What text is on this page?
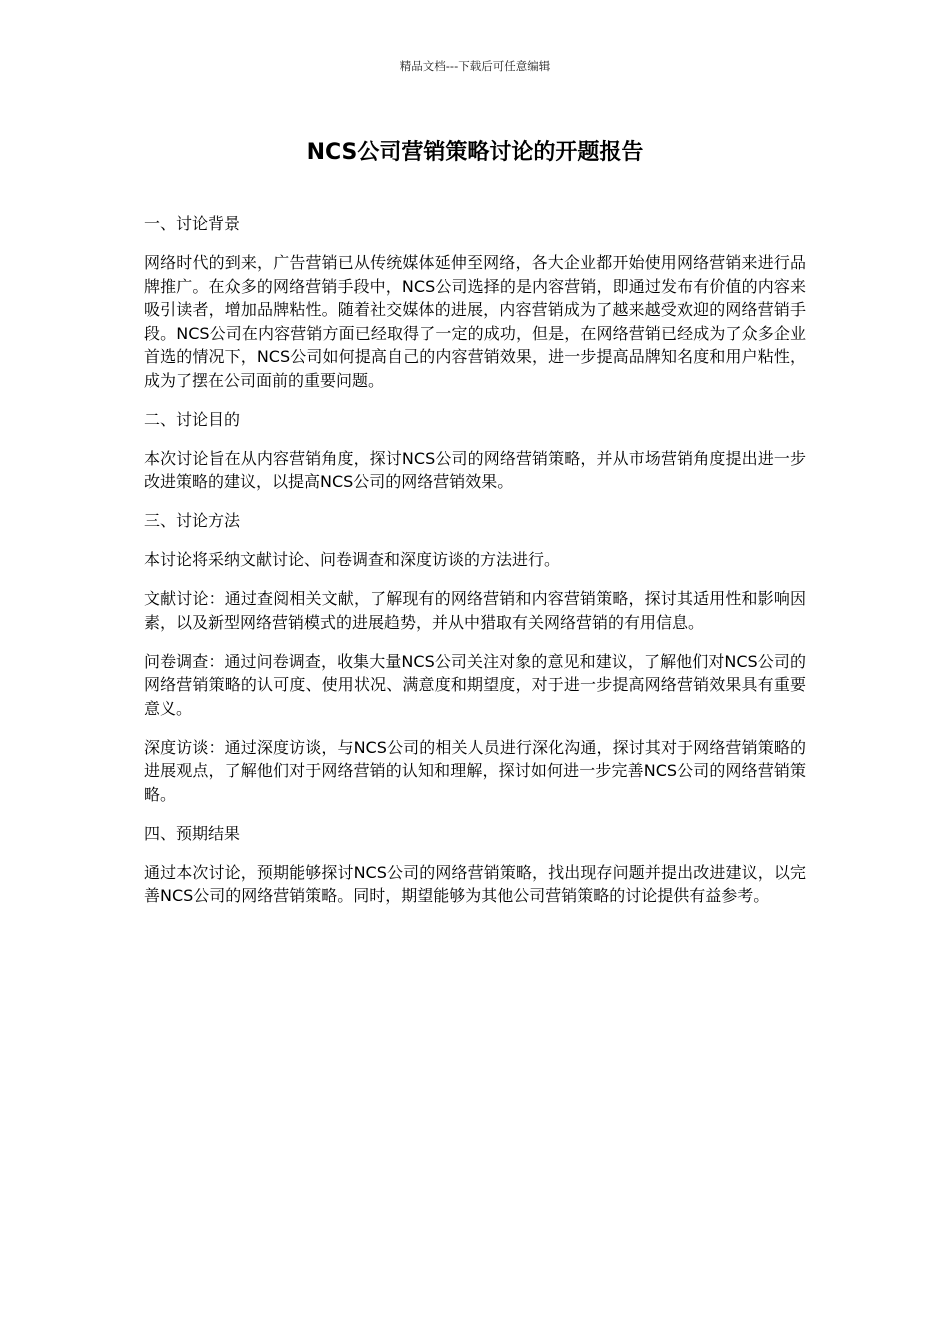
精品文档---下载后可任意编辑
NCS公司营销策略讨论的开题报告

一、讨论背景

网络时代的到来，广告营销已从传统媒体延伸至网络，各大企业都开始使用网络营销来进行品牌推广。在众多的网络营销手段中，NCS公司选择的是内容营销，即通过发布有价值的内容来吸引读者，增加品牌粘性。随着社交媒体的进展，内容营销成为了越来越受欢迎的网络营销手段。NCS公司在内容营销方面已经取得了一定的成功，但是，在网络营销已经成为了众多企业首选的情况下，NCS公司如何提高自己的内容营销效果，进一步提高品牌知名度和用户粘性，成为了摆在公司面前的重要问题。

二、讨论目的

本次讨论旨在从内容营销角度，探讨NCS公司的网络营销策略，并从市场营销角度提出进一步改进策略的建议，以提高NCS公司的网络营销效果。

三、讨论方法

本讨论将采纳文献讨论、问卷调查和深度访谈的方法进行。

文献讨论：通过查阅相关文献，了解现有的网络营销和内容营销策略，探讨其适用性和影响因素，以及新型网络营销模式的进展趋势，并从中猎取有关网络营销的有用信息。

问卷调查：通过问卷调查，收集大量NCS公司关注对象的意见和建议，了解他们对NCS公司的网络营销策略的认可度、使用状况、满意度和期望度，对于进一步提高网络营销效果具有重要意义。

深度访谈：通过深度访谈，与NCS公司的相关人员进行深化沟通，探讨其对于网络营销策略的进展观点，了解他们对于网络营销的认知和理解，探讨如何进一步完善NCS公司的网络营销策略。

四、预期结果

通过本次讨论，预期能够探讨NCS公司的网络营销策略，找出现存问题并提出改进建议，以完善NCS公司的网络营销策略。同时，期望能够为其他公司营销策略的讨论提供有益参考。
